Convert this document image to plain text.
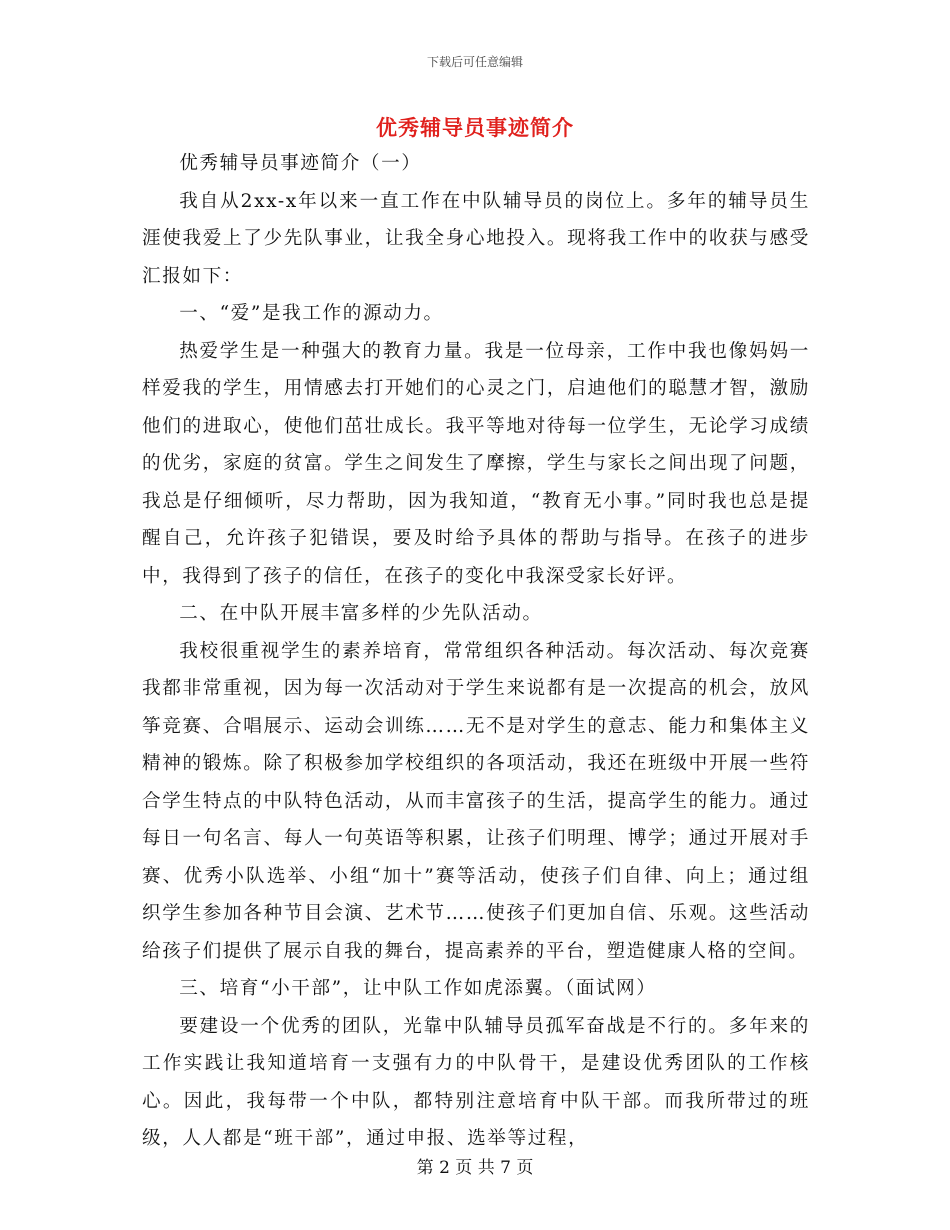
下载后可任意编辑
优秀辅导员事迹简介

优秀辅导员事迹简介（一）

我自从2xx-x年以来一直工作在中队辅导员的岗位上。多年的辅导员生涯使我爱上了少先队事业，让我全身心地投入。现将我工作中的收获与感受汇报如下：

一、“爱”是我工作的源动力。

热爱学生是一种强大的教育力量。我是一位母亲，工作中我也像妈妈一样爱我的学生，用情感去打开她们的心灵之门，启迪他们的聪慧才智，激励他们的进取心，使他们茁壮成长。我平等地对待每一位学生，无论学习成绩的优劣，家庭的贫富。学生之间发生了摩擦，学生与家长之间出现了问题，我总是仔细倾听，尽力帮助，因为我知道，“教育无小事。”同时我也总是提醒自己，允许孩子犯错误，要及时给予具体的帮助与指导。在孩子的进步中，我得到了孩子的信任，在孩子的变化中我深受家长好评。

二、在中队开展丰富多样的少先队活动。

我校很重视学生的素养培育，常常组织各种活动。每次活动、每次竞赛我都非常重视，因为每一次活动对于学生来说都有是一次提高的机会，放风筝竞赛、合唱展示、运动会训练……无不是对学生的意志、能力和集体主义精神的锻炼。除了积极参加学校组织的各项活动，我还在班级中开展一些符合学生特点的中队特色活动，从而丰富孩子的生活，提高学生的能力。通过每日一句名言、每人一句英语等积累，让孩子们明理、博学；通过开展对手赛、优秀小队选举、小组“加十”赛等活动，使孩子们自律、向上；通过组织学生参加各种节目会演、艺术节……使孩子们更加自信、乐观。这些活动给孩子们提供了展示自我的舞台，提高素养的平台，塑造健康人格的空间。

三、培育“小干部”，让中队工作如虎添翼。（面试网）

要建设一个优秀的团队，光靠中队辅导员孤军奋战是不行的。多年来的工作实践让我知道培育一支强有力的中队骨干，是建设优秀团队的工作核心。因此，我每带一个中队，都特别注意培育中队干部。而我所带过的班级，人人都是“班干部”，通过申报、选举等过程，

第 2 页 共 7 页
